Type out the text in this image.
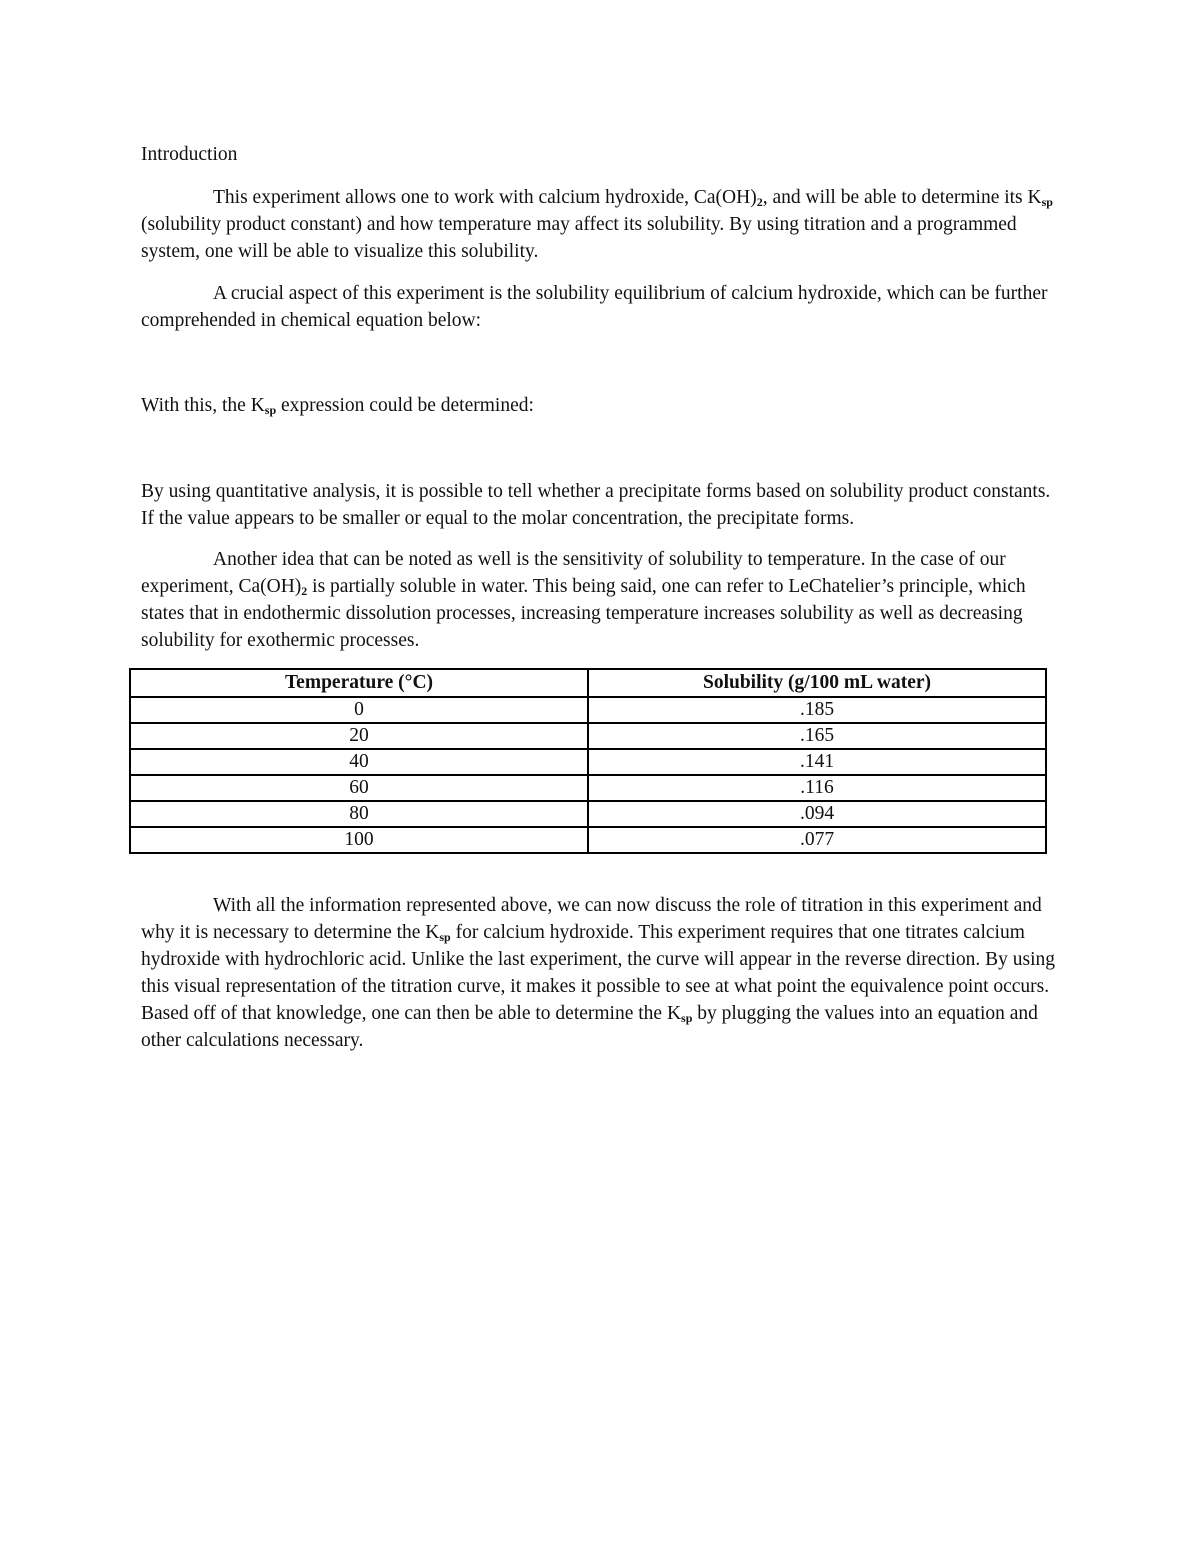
Introduction

This experiment allows one to work with calcium hydroxide, $Ca(OH)_2$, and will be able to determine its $K_{sp}$ (solubility product constant) and how temperature may affect its solubility. By using titration and a programmed system, one will be able to visualize this solubility.

A crucial aspect of this experiment is the solubility equilibrium of calcium hydroxide, which can be further comprehended in chemical equation below:

With this, the $K_{sp}$ expression could be determined:

By using quantitative analysis, it is possible to tell whether a precipitate forms based on solubility product constants. If the value appears to be smaller or equal to the molar concentration, the precipitate forms.

Another idea that can be noted as well is the sensitivity of solubility to temperature. In the case of our experiment, $Ca(OH)_2$ is partially soluble in water. This being said, one can refer to LeChatelier’s principle, which states that in endothermic dissolution processes, increasing temperature increases solubility as well as decreasing solubility for exothermic processes.

Temperature (°C)	Solubility (g/100 mL water)
0	.185
20	.165
40	.141
60	.116
80	.094
100	.077

With all the information represented above, we can now discuss the role of titration in this experiment and why it is necessary to determine the $K_{sp}$ for calcium hydroxide. This experiment requires that one titrates calcium hydroxide with hydrochloric acid. Unlike the last experiment, the curve will appear in the reverse direction. By using this visual representation of the titration curve, it makes it possible to see at what point the equivalence point occurs. Based off of that knowledge, one can then be able to determine the $K_{sp}$ by plugging the values into an equation and other calculations necessary.
